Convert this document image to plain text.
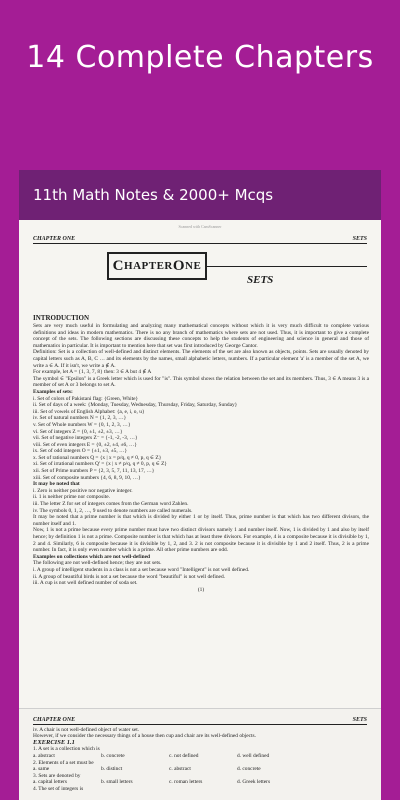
14 Complete Chapters
11th Math Notes & 2000+ Mcqs
Scanned with CamScanner
CHAPTER ONE	SETS
C HAPTER O NE
SETS

INTRODUCTION

Sets are very much useful in formulating and analyzing many mathematical concepts without which it is very much difficult to complete various definitions and ideas in modern mathematics. There is no any branch of mathematics where sets are not used. Thus, it is important to give a complete concept of the sets. The following sections are discussing these concepts to help the students of engineering and science in general and those of mathematics in particular. It is important to mention here that set was first introduced by George Cantor.

Definition: Set is a collection of well-defined and distinct elements. The elements of the set are also known as objects, points. Sets are usually denoted by capital letters such as A, B, C … and its elements by the names, small alphabetic letters, numbers. If a particular element 'a' is a member of the set A, we write a ∈ A. If it isn't, we write a ∉ A.

For example, let A = {1, 3, 7, 8} then: 3 ∈ A but 4 ∉ A

The symbol ∈ "Epsilon" is a Greek letter which is used for "is". This symbol shows the relation between the set and its members. Thus, 3 ∈ A means 3 is a member of set A or 3 belongs to set A.

Examples of sets:

i. Set of colors of Pakistani flag: {Green, White}

ii. Set of days of a week: {Monday, Tuesday, Wednesday, Thursday, Friday, Saturday, Sunday}

iii. Set of vowels of English Alphabet: {a, e, i, o, u}

iv. Set of natural numbers N = {1, 2, 3, …}

v. Set of Whole numbers W = {0, 1, 2, 3, …}

vi. Set of integers Z = {0, ±1, ±2, ±3, …}

vii. Set of negative integers Z⁻ = {-1, -2, -3, …}

viii. Set of even integers E = {0, ±2, ±4, ±6, …}

ix. Set of odd integers O = {±1, ±3, ±5, …}

x. Set of rational numbers Q = {x | x = p/q, q ≠ 0, p, q ∈ Z}

xi. Set of irrational numbers Q' = {x | x ≠ p/q, q ≠ 0, p, q ∈ Z}

xii. Set of Prime numbers P = {2, 3, 5, 7, 11, 13, 17, …}

xiii. Set of composite numbers {4, 6, 8, 9, 10, …}

It may be noted that

i. Zero is neither positive nor negative integer.

ii. 1 is neither prime nor composite.

iii. The letter Z for set of integers comes from the German word Zahlen.

iv. The symbols 0, 1, 2, …, 9 used to denote numbers are called numerals.

It may be noted that a prime number is that which is divided by either 1 or by itself. Thus, prime number is that which has two different divisors, the number itself and 1.

Now, 1 is not a prime because every prime number must have two distinct divisors namely 1 and number itself. Now, 1 is divided by 1 and also by itself hence; by definition 1 is not a prime. Composite number is that which has at least three divisors. For example, 4 is a composite because it is divisible by 1, 2 and 4. Similarly, 6 is composite because it is divisible by 1, 2, and 3. 2 is not composite because it is divisible by 1 and 2 itself. Thus, 2 is a prime number. In fact, it is only even number which is a prime. All other prime numbers are odd.

Examples on collections which are not well-defined

The following are not well-defined hence; they are not sets.

i. A group of intelligent students in a class is not a set because word "Intelligent" is not well defined.

ii. A group of beautiful birds is not a set because the word "beautiful" is not well defined.

iii. A cup is not well defined number of soda set.

(1)

CHAPTER ONE	SETS
iv. A chair is not well-defined object of water set.
However, if we consider the necessary things of a house then cup and chair are its well-defined objects.
EXERCISE 1.1
1. A set is a collection which is
a. abstract	b. concrete	c. not defined	d. well defined
2. Elements of a set must be
a. same	b. distinct	c. abstract	d. concrete
3. Sets are denoted by
a. capital letters	b. small letters	c. roman letters	d. Greek letters
4. The set of integers is
